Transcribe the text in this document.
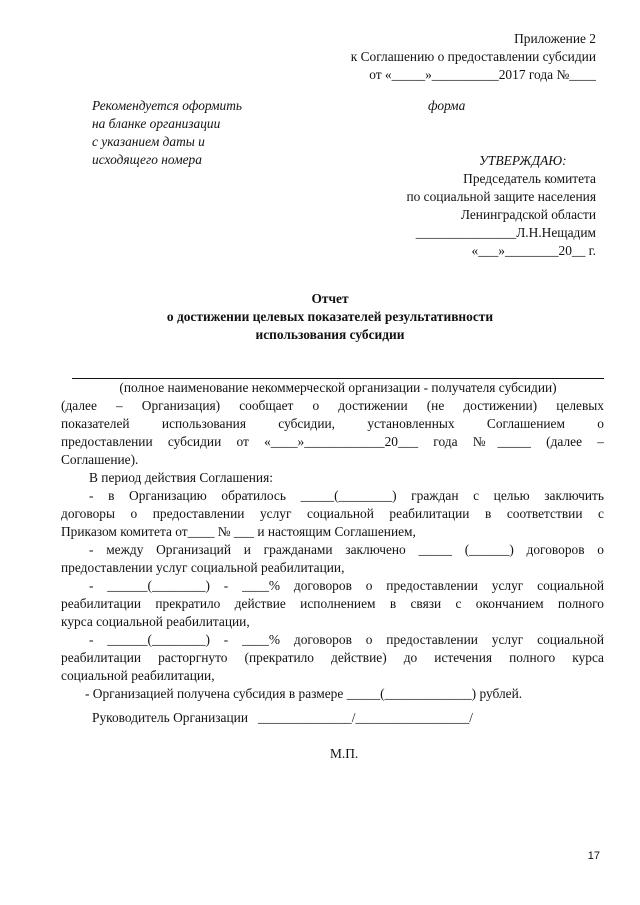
Приложение 2
к Соглашению о предоставлении субсидии
от «_____»__________2017 года №____
Рекомендуется оформить
на бланке организации
с указанием даты и
исходящего номера
форма
УТВЕРЖДАЮ:
Председатель комитета
по социальной защите населения
Ленинградской области
_______________Л.Н.Нещадим
«___»________20__ г.
Отчет
о достижении целевых показателей результативности
использования субсидии
(полное наименование некоммерческой организации - получателя субсидии)

(далее – Организация) сообщает о достижении (не достижении) целевых

показателей использования субсидии, установленных Соглашением о

предоставлении субсидии от «____»____________20___ года №_____ (далее –

Соглашение).

В период действия Соглашения:

- в Организацию обратилось _____(________) граждан с целью заключить

договоры о предоставлении услуг социальной реабилитации в соответствии с

Приказом комитета от____ № ___ и настоящим Соглашением,

- между Организаций и гражданами заключено _____ (______) договоров о

предоставлении услуг социальной реабилитации,

- ______(________) - ____% договоров о предоставлении услуг социальной

реабилитации прекратило действие исполнением в связи с окончанием полного

курса социальной реабилитации,

- ______(________) - ____% договоров о предоставлении услуг социальной

реабилитации расторгнуто (прекратило действие) до истечения полного курса

социальной реабилитации,

- Организацией получена субсидия в размере _____(_____________) рублей.

Руководитель Организации   ______________/_________________/
М.П.
17
